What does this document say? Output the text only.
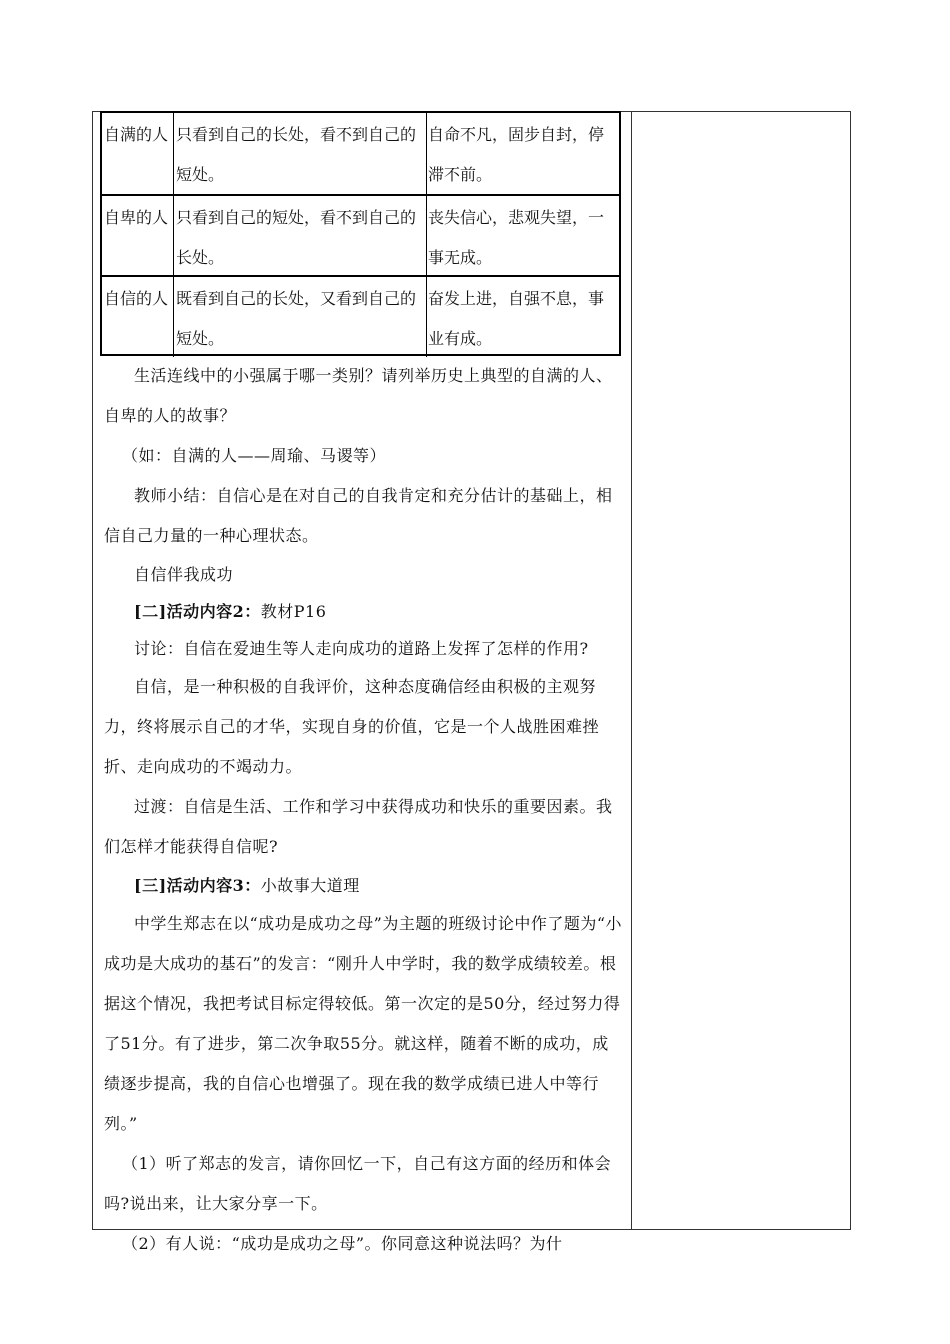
自满的人 只看到自己的长处，看不到自己的短处。
自命不凡，固步自封，停滞不前。
自卑的人 只看到自己的短处，看不到自己的长处。
丧失信心，悲观失望，一事无成。
自信的人 既看到自己的长处，又看到自己的短处。
奋发上进，自强不息，事业有成。

生活连线中的小强属于哪一类别？请列举历史上典型的自满的人、自卑的人的故事？

（如：自满的人——周瑜、马谡等）

教师小结：自信心是在对自己的自我肯定和充分估计的基础上，相信自己力量的一种心理状态。

自信伴我成功

[二]活动内容2：教材P16

讨论：自信在爱迪生等人走向成功的道路上发挥了怎样的作用?

自信，是一种积极的自我评价，这种态度确信经由积极的主观努力，终将展示自己的才华，实现自身的价值，它是一个人战胜困难挫折、走向成功的不竭动力。

过渡：自信是生活、工作和学习中获得成功和快乐的重要因素。我们怎样才能获得自信呢?

[三]活动内容3：小故事大道理

中学生郑志在以“成功是成功之母”为主题的班级讨论中作了题为“小成功是大成功的基石”的发言：“刚升人中学时，我的数学成绩较差。根据这个情况，我把考试目标定得较低。第一次定的是50分，经过努力得了51分。有了进步，第二次争取55分。就这样，随着不断的成功，成绩逐步提高，我的自信心也增强了。现在我的数学成绩已进人中等行列。”

（1）听了郑志的发言，请你回忆一下，自己有这方面的经历和体会吗?说出来，让大家分享一下。

（2）有人说：“成功是成功之母”。你同意这种说法吗？为什
